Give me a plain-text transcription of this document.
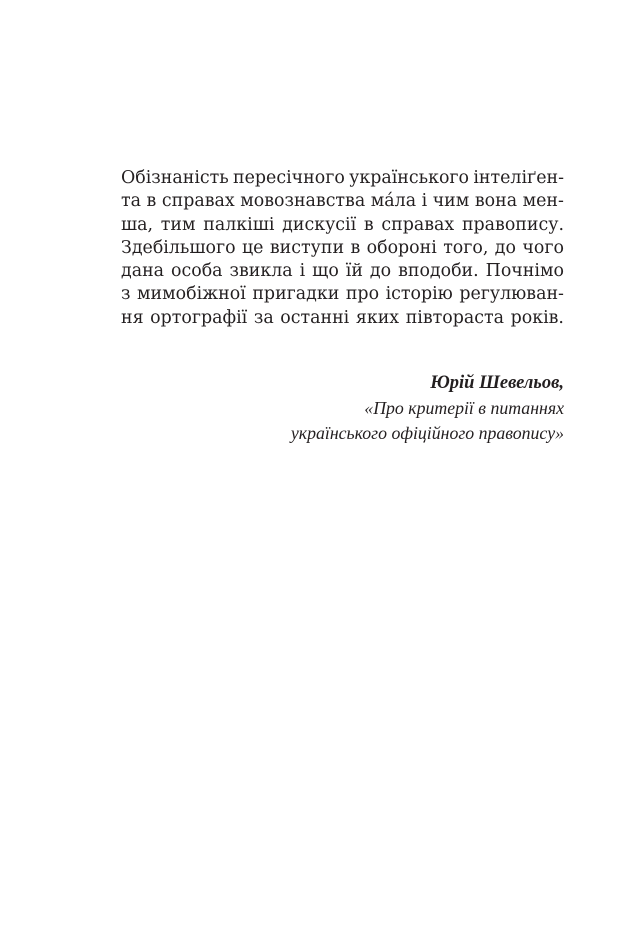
Обізнаність пересічного українського інтеліґен-
та в справах мовознавства ма́ла і чим вона мен-
ша, тим палкіші дискусії в справах правопису.
Здебільшого це виступи в обороні того, до чого
дана особа звикла і що їй до вподоби. Почнімо
з мимобіжної пригадки про історію регулюван-
ня ортографії за останні яких півтораста років.
Юрій Шевельов,
«Про критерії в питаннях
українського офіційного правопису»
